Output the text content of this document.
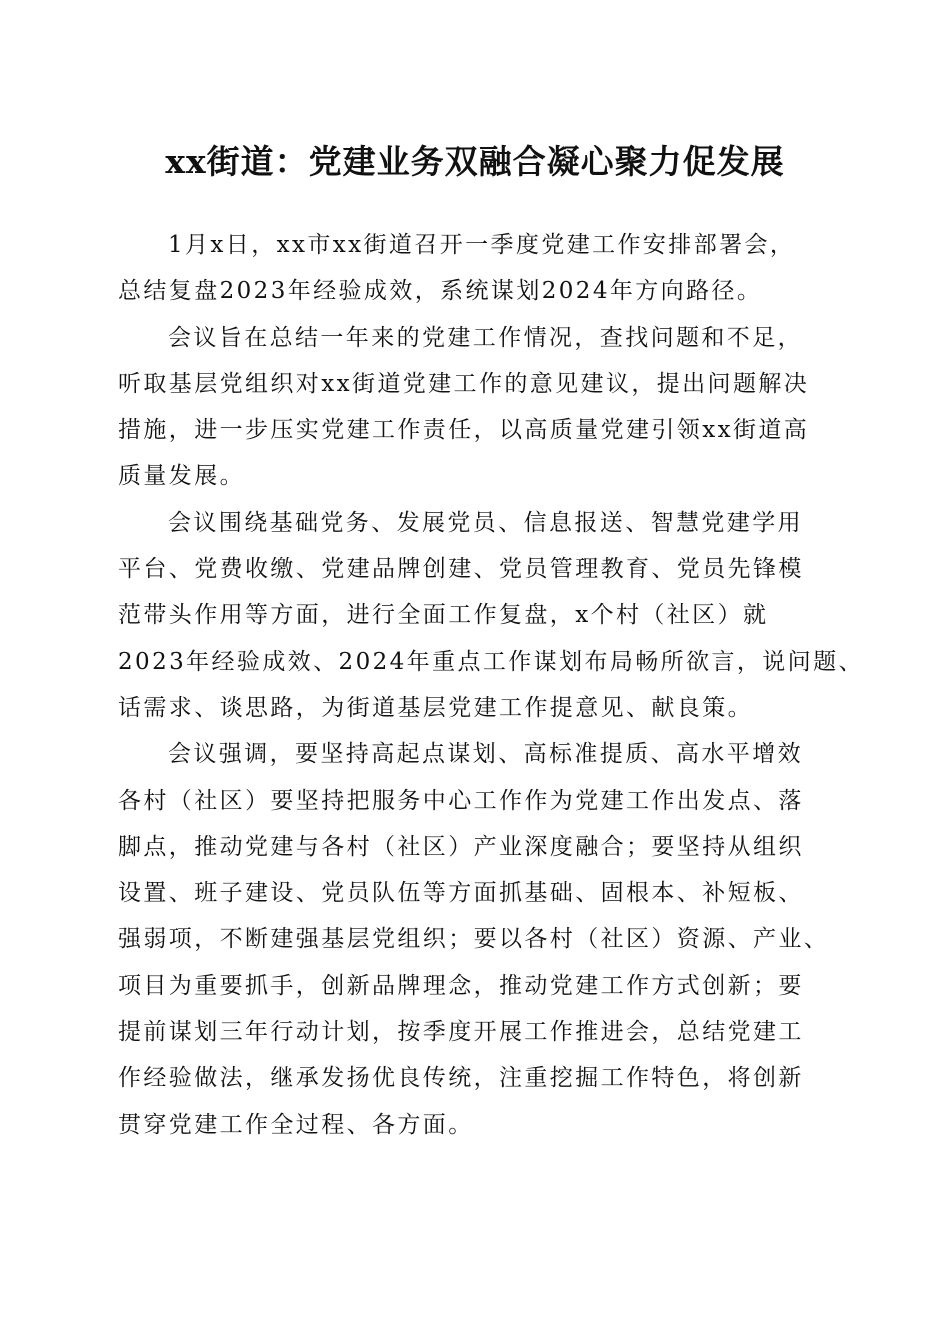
xx街道：党建业务双融合凝心聚力促发展
1月x日，xx市xx街道召开一季度党建工作安排部署会，
总结复盘2023年经验成效，系统谋划2024年方向路径。
会议旨在总结一年来的党建工作情况，查找问题和不足，
听取基层党组织对xx街道党建工作的意见建议，提出问题解决
措施，进一步压实党建工作责任，以高质量党建引领xx街道高
质量发展。
会议围绕基础党务、发展党员、信息报送、智慧党建学用
平台、党费收缴、党建品牌创建、党员管理教育、党员先锋模
范带头作用等方面，进行全面工作复盘，x个村（社区）就
2023年经验成效、2024年重点工作谋划布局畅所欲言，说问题、
话需求、谈思路，为街道基层党建工作提意见、献良策。
会议强调，要坚持高起点谋划、高标准提质、高水平增效
各村（社区）要坚持把服务中心工作作为党建工作出发点、落
脚点，推动党建与各村（社区）产业深度融合；要坚持从组织
设置、班子建设、党员队伍等方面抓基础、固根本、补短板、
强弱项，不断建强基层党组织；要以各村（社区）资源、产业、
项目为重要抓手，创新品牌理念，推动党建工作方式创新；要
提前谋划三年行动计划，按季度开展工作推进会，总结党建工
作经验做法，继承发扬优良传统，注重挖掘工作特色，将创新
贯穿党建工作全过程、各方面。
